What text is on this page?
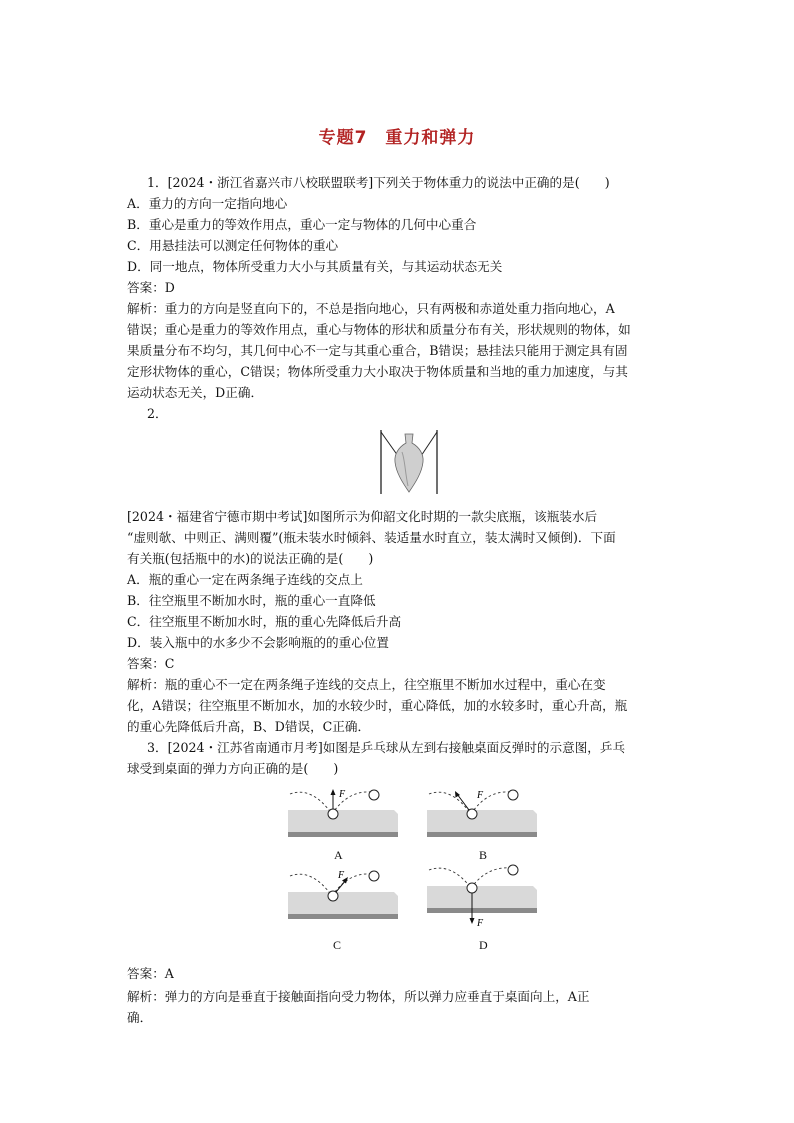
专题7　重力和弹力
1．[2024・浙江省嘉兴市八校联盟联考]下列关于物体重力的说法中正确的是(　　)
A．重力的方向一定指向地心
B．重心是重力的等效作用点，重心一定与物体的几何中心重合
C．用悬挂法可以测定任何物体的重心
D．同一地点，物体所受重力大小与其质量有关，与其运动状态无关
答案：D
解析：重力的方向是竖直向下的，不总是指向地心，只有两极和赤道处重力指向地心，A
错误；重心是重力的等效作用点，重心与物体的形状和质量分布有关，形状规则的物体，如
果质量分布不均匀，其几何中心不一定与其重心重合，B错误；悬挂法只能用于测定具有固
定形状物体的重心，C错误；物体所受重力大小取决于物体质量和当地的重力加速度，与其
运动状态无关，D正确．
2．
[2024・福建省宁德市期中考试]如图所示为仰韶文化时期的一款尖底瓶，该瓶装水后
“虚则欹、中则正、满则覆”(瓶未装水时倾斜、装适量水时直立，装太满时又倾倒)．下面
有关瓶(包括瓶中的水)的说法正确的是(　　)
A．瓶的重心一定在两条绳子连线的交点上
B．往空瓶里不断加水时，瓶的重心一直降低
C．往空瓶里不断加水时，瓶的重心先降低后升高
D．装入瓶中的水多少不会影响瓶的的重心位置
答案：C
解析：瓶的重心不一定在两条绳子连线的交点上，往空瓶里不断加水过程中，重心在变
化，A错误；往空瓶里不断加水，加的水较少时，重心降低，加的水较多时，重心升高，瓶
的重心先降低后升高，B、D错误，C正确．
3．[2024・江苏省南通市月考]如图是乒乓球从左到右接触桌面反弹时的示意图，乒乓
球受到桌面的弹力方向正确的是(　　)
F
A
F
B
F
C
F
D
答案：A
解析：弹力的方向是垂直于接触面指向受力物体，所以弹力应垂直于桌面向上，A正
确．
